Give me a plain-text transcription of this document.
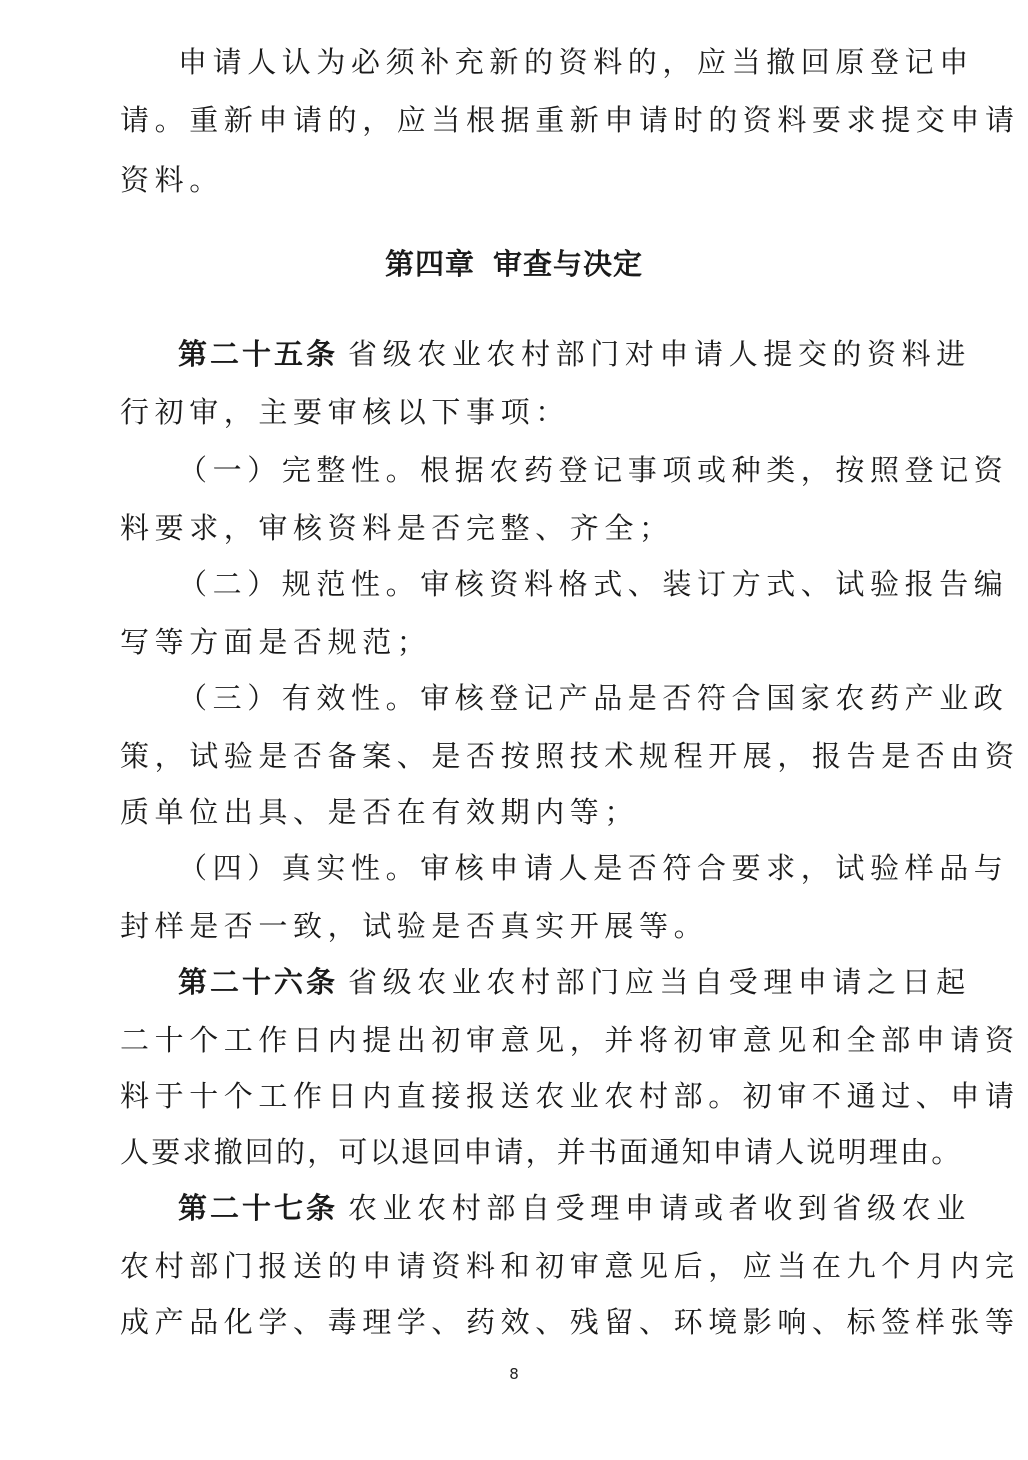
申请人认为必须补充新的资料的，应当撤回原登记申
请。重新申请的，应当根据重新申请时的资料要求提交申请
资料。
第四章 审查与决定
第二十五条 省级农业农村部门对申请人提交的资料进
行初审，主要审核以下事项：
（一）完整性。根据农药登记事项或种类，按照登记资
料要求，审核资料是否完整、齐全；
（二）规范性。审核资料格式、装订方式、试验报告编
写等方面是否规范；
（三）有效性。审核登记产品是否符合国家农药产业政
策，试验是否备案、是否按照技术规程开展，报告是否由资
质单位出具、是否在有效期内等；
（四）真实性。审核申请人是否符合要求，试验样品与
封样是否一致，试验是否真实开展等。
第二十六条 省级农业农村部门应当自受理申请之日起
二十个工作日内提出初审意见，并将初审意见和全部申请资
料于十个工作日内直接报送农业农村部。初审不通过、申请
人要求撤回的，可以退回申请，并书面通知申请人说明理由。
第二十七条 农业农村部自受理申请或者收到省级农业
农村部门报送的申请资料和初审意见后，应当在九个月内完
成产品化学、毒理学、药效、残留、环境影响、标签样张等
8
